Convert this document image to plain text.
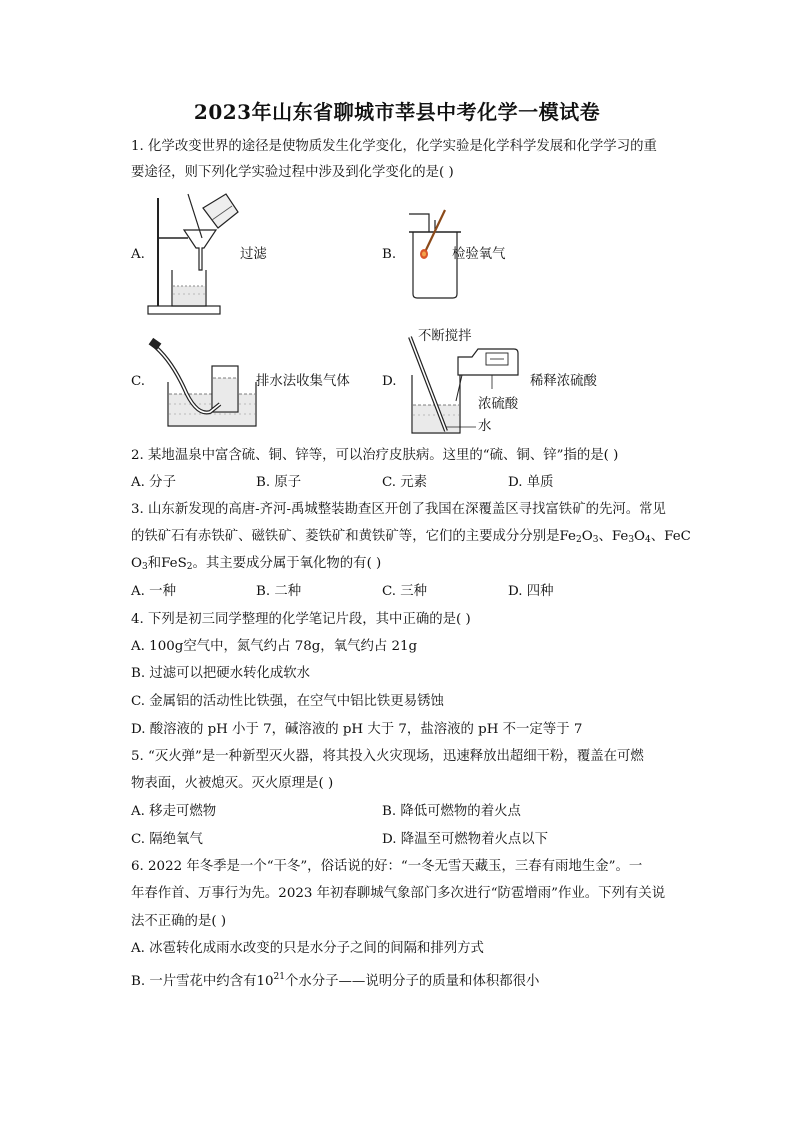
2023年山东省聊城市莘县中考化学一模试卷
1. 化学改变世界的途径是使物质发生化学变化，化学实验是化学科学发展和化学学习的重
要途径，则下列化学实验过程中涉及到化学变化的是( )
A.	过滤	B.	检验氧气
C.	排水法收集气体 D.
不断搅拌
稀释浓硫酸
浓硫酸
水
2. 某地温泉中富含硫、铜、锌等，可以治疗皮肤病。这里的“硫、铜、锌”指的是( )
A. 分子	B. 原子	C. 元素	D. 单质
3. 山东新发现的高唐-齐河-禹城整装勘查区开创了我国在深覆盖区寻找富铁矿的先河。常见
的铁矿石有赤铁矿、磁铁矿、菱铁矿和黄铁矿等，它们的主要成分分别是$Fe_2O_3$、$Fe_3O_4$、FeC
$O_3$和FeS$_2$。其主要成分属于氧化物的有( )
A. 一种	B. 二种	C. 三种	D. 四种
4. 下列是初三同学整理的化学笔记片段，其中正确的是( )
A. 100g空气中，氮气约占 78g，氧气约占 21g
B. 过滤可以把硬水转化成软水
C. 金属铝的活动性比铁强，在空气中铝比铁更易锈蚀
D. 酸溶液的 pH 小于 7，碱溶液的 pH 大于 7，盐溶液的 pH 不一定等于 7
5. “灭火弹”是一种新型灭火器，将其投入火灾现场，迅速释放出超细干粉，覆盖在可燃
物表面，火被熄灭。灭火原理是( )
A. 移走可燃物	B. 降低可燃物的着火点
C. 隔绝氧气	D. 降温至可燃物着火点以下
6. 2022 年冬季是一个“干冬”，俗话说的好：“一冬无雪天藏玉，三春有雨地生金”。一
年春作首、万事行为先。2023 年初春聊城气象部门多次进行“防雹增雨”作业。下列有关说
法不正确的是( )
A. 冰雹转化成雨水改变的只是水分子之间的间隔和排列方式
B. 一片雪花中约含有$10^{21}$个水分子——说明分子的质量和体积都很小
